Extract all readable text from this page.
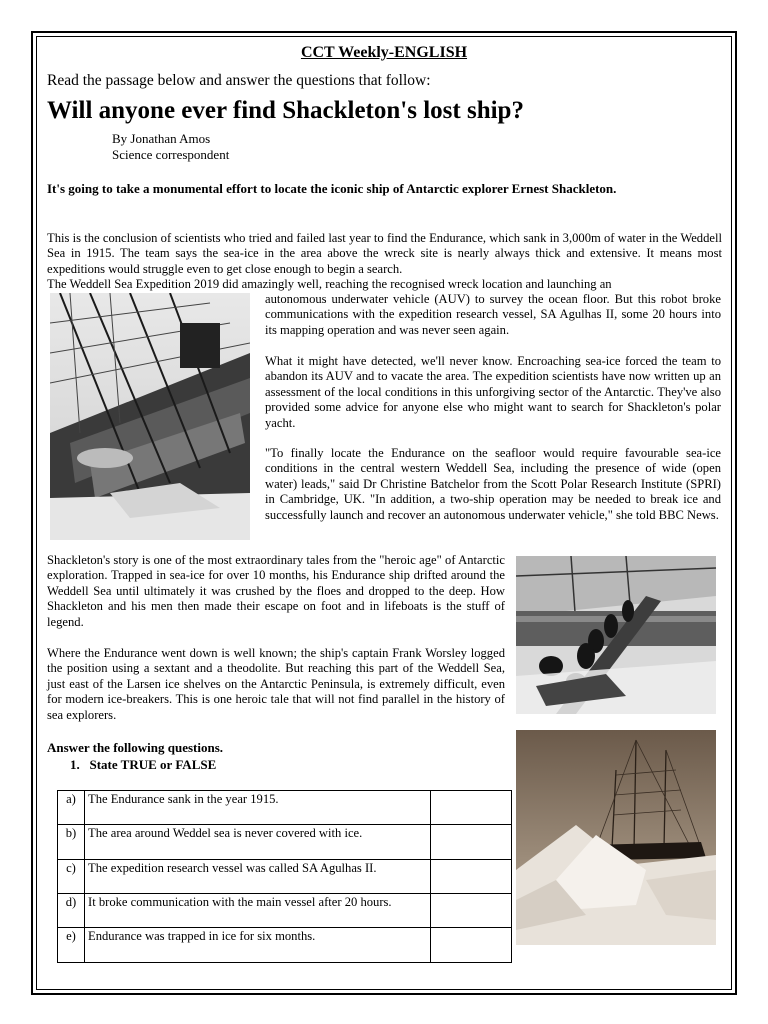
CCT Weekly-ENGLISH
Read the passage below and answer the questions that follow:
Will anyone ever find Shackleton's lost ship?
By Jonathan Amos
Science correspondent
It's going to take a monumental effort to locate the iconic ship of Antarctic explorer Ernest Shackleton.
This is the conclusion of scientists who tried and failed last year to find the Endurance, which sank in 3,000m of water in the Weddell Sea in 1915. The team says the sea-ice in the area above the wreck site is nearly always thick and extensive. It means most expeditions would struggle even to get close enough to begin a search.
The Weddell Sea Expedition 2019 did amazingly well, reaching the recognised wreck location and launching an
autonomous underwater vehicle (AUV) to survey the ocean floor. But this robot broke communications with the expedition research vessel, SA Agulhas II, some 20 hours into its mapping operation and was never seen again.
What it might have detected, we'll never know. Encroaching sea-ice forced the team to abandon its AUV and to vacate the area. The expedition scientists have now written up an assessment of the local conditions in this unforgiving sector of the Antarctic. They've also provided some advice for anyone else who might want to search for Shackleton's polar yacht.
"To finally locate the Endurance on the seafloor would require favourable sea-ice conditions in the central western Weddell Sea, including the presence of wide (open water) leads," said Dr Christine Batchelor from the Scott Polar Research Institute (SPRI) in Cambridge, UK. "In addition, a two-ship operation may be needed to break ice and successfully launch and recover an autonomous underwater vehicle," she told BBC News.
Shackleton's story is one of the most extraordinary tales from the "heroic age" of Antarctic exploration. Trapped in sea-ice for over 10 months, his Endurance ship drifted around the Weddell Sea until ultimately it was crushed by the floes and dropped to the deep. How Shackleton and his men then made their escape on foot and in lifeboats is the stuff of legend.
Where the Endurance went down is well known; the ship's captain Frank Worsley logged the position using a sextant and a theodolite. But reaching this part of the Weddell Sea, just east of the Larsen ice shelves on the Antarctic Peninsula, is extremely difficult, even for modern ice-breakers. This is one heroic tale that will not find parallel in the history of sea explorers.
Answer the following questions.
1.   State TRUE or FALSE
a)	The Endurance sank in the year 1915.	
b)	The area around Weddel sea is never covered with ice.	
c)	The expedition research vessel was called SA Agulhas II.	
d)	It broke communication with the main vessel after 20 hours.	
e)	Endurance was trapped in ice for six months.	
